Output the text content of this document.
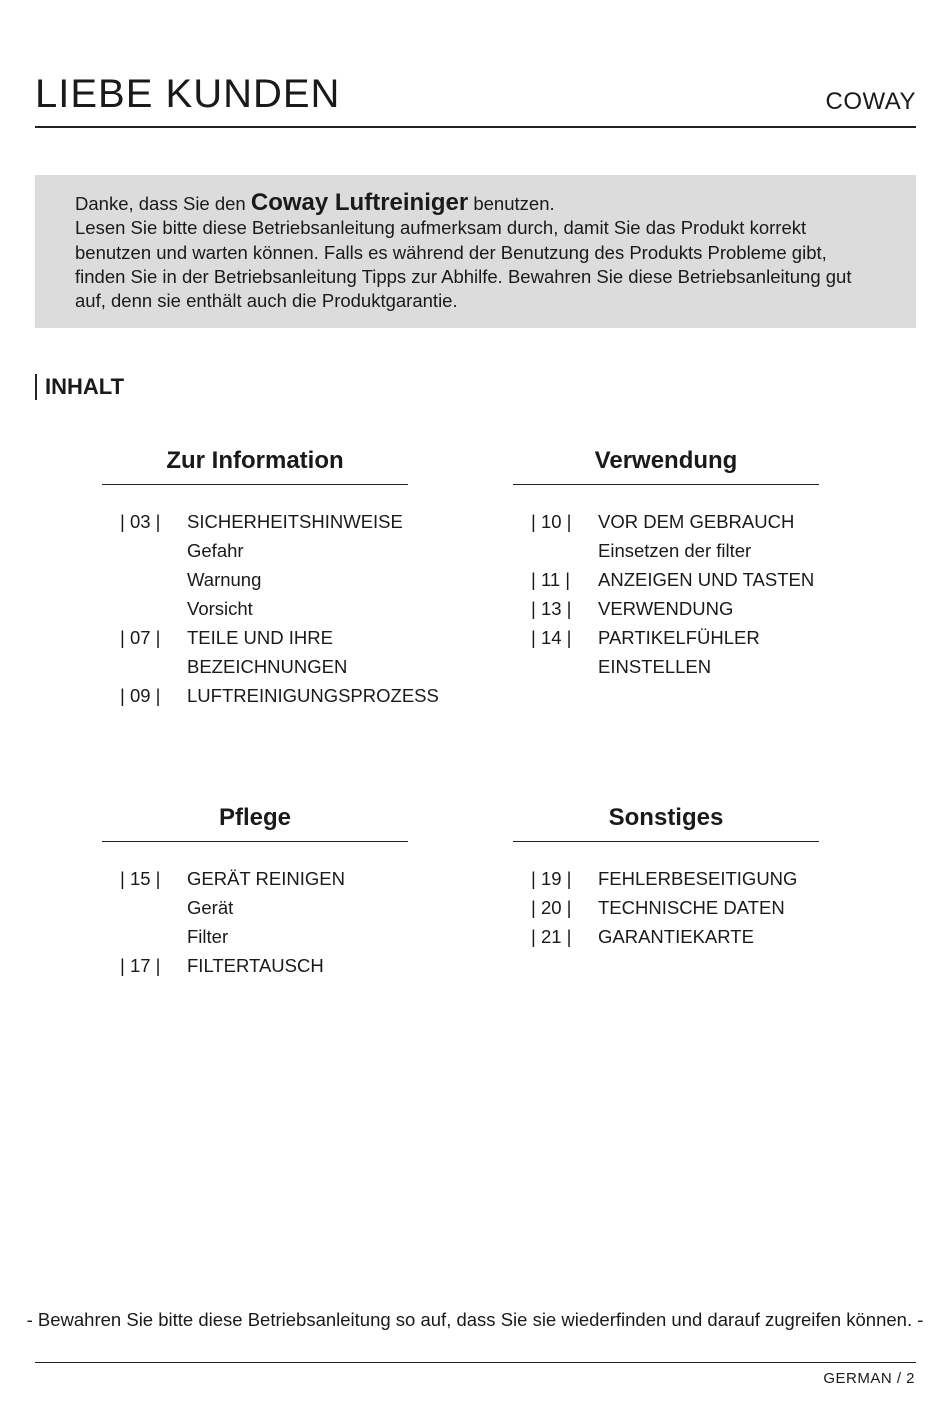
LIEBE KUNDEN	COWAY
Danke, dass Sie den Coway Luftreiniger benutzen.
Lesen Sie bitte diese Betriebsanleitung aufmerksam durch, damit Sie das Produkt korrekt benutzen und warten können. Falls es während der Benutzung des Produkts Probleme gibt, finden Sie in der Betriebsanleitung Tipps zur Abhilfe. Bewahren Sie diese Betriebsanleitung gut auf, denn sie enthält auch die Produktgarantie.
INHALT
Zur Information
| 03 | SICHERHEITSHINWEISE
Gefahr
Warnung
Vorsicht
| 07 | TEILE UND IHRE
BEZEICHNUNGEN
| 09 | LUFTREINIGUNGSPROZESS
Verwendung
| 10 | VOR DEM GEBRAUCH
Einsetzen der filter
| 11 | ANZEIGEN UND TASTEN
| 13 | VERWENDUNG
| 14 | PARTIKELFÜHLER
EINSTELLEN
Pflege
| 15 | GERÄT REINIGEN
Gerät
Filter
| 17 | FILTERTAUSCH
Sonstiges
| 19 | FEHLERBESEITIGUNG
| 20 | TECHNISCHE DATEN
| 21 | GARANTIEKARTE
- Bewahren Sie bitte diese Betriebsanleitung so auf, dass Sie sie wiederfinden und darauf zugreifen können. -
GERMAN / 2
